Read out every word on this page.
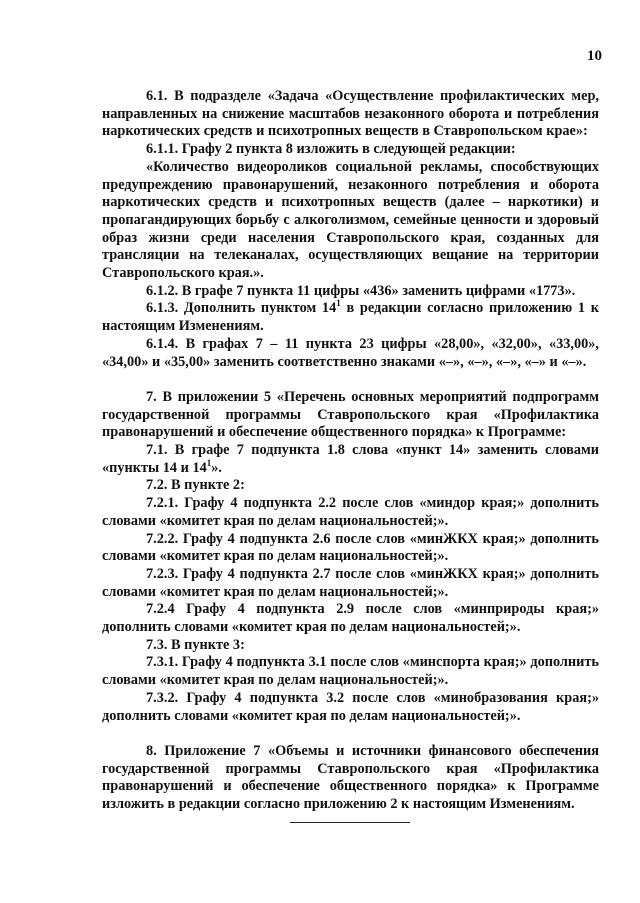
10

6.1. В подразделе «Задача «Осуществление профилактических мер, направленных на снижение масштабов незаконного оборота и потребления наркотических средств и психотропных веществ в Ставропольском крае»:

6.1.1. Графу 2 пункта 8 изложить в следующей редакции:

«Количество видеороликов социальной рекламы, способствующих предупреждению правонарушений, незаконного потребления и оборота наркотических средств и психотропных веществ (далее – наркотики) и пропагандирующих борьбу с алкоголизмом, семейные ценности и здоровый образ жизни среди населения Ставропольского края, созданных для трансляции на телеканалах, осуществляющих вещание на территории Ставропольского края.».

6.1.2. В графе 7 пункта 11 цифры «436» заменить цифрами «1773».

6.1.3. Дополнить пунктом $14^1$ в редакции согласно приложению 1 к настоящим Изменениям.

6.1.4. В графах 7 – 11 пункта 23 цифры «28,00», «32,00», «33,00», «34,00» и «35,00» заменить соответственно знаками «–», «–», «–», «–» и «–».

7. В приложении 5 «Перечень основных мероприятий подпрограмм государственной программы Ставропольского края «Профилактика правонарушений и обеспечение общественного порядка» к Программе:

7.1. В графе 7 подпункта 1.8 слова «пункт 14» заменить словами «пункты 14 и $14^1$».

7.2. В пункте 2:

7.2.1. Графу 4 подпункта 2.2 после слов «миндор края;» дополнить словами «комитет края по делам национальностей;».

7.2.2. Графу 4 подпункта 2.6 после слов «минЖКХ края;» дополнить словами «комитет края по делам национальностей;».

7.2.3. Графу 4 подпункта 2.7 после слов «минЖКХ края;» дополнить словами «комитет края по делам национальностей;».

7.2.4 Графу 4 подпункта 2.9 после слов «минприроды края;» дополнить словами «комитет края по делам национальностей;».

7.3. В пункте 3:

7.3.1. Графу 4 подпункта 3.1 после слов «минспорта края;» дополнить словами «комитет края по делам национальностей;».

7.3.2. Графу 4 подпункта 3.2 после слов «минобразования края;» дополнить словами «комитет края по делам национальностей;».

8. Приложение 7 «Объемы и источники финансового обеспечения государственной программы Ставропольского края «Профилактика правонарушений и обеспечение общественного порядка» к Программе изложить в редакции согласно приложению 2 к настоящим Изменениям.
